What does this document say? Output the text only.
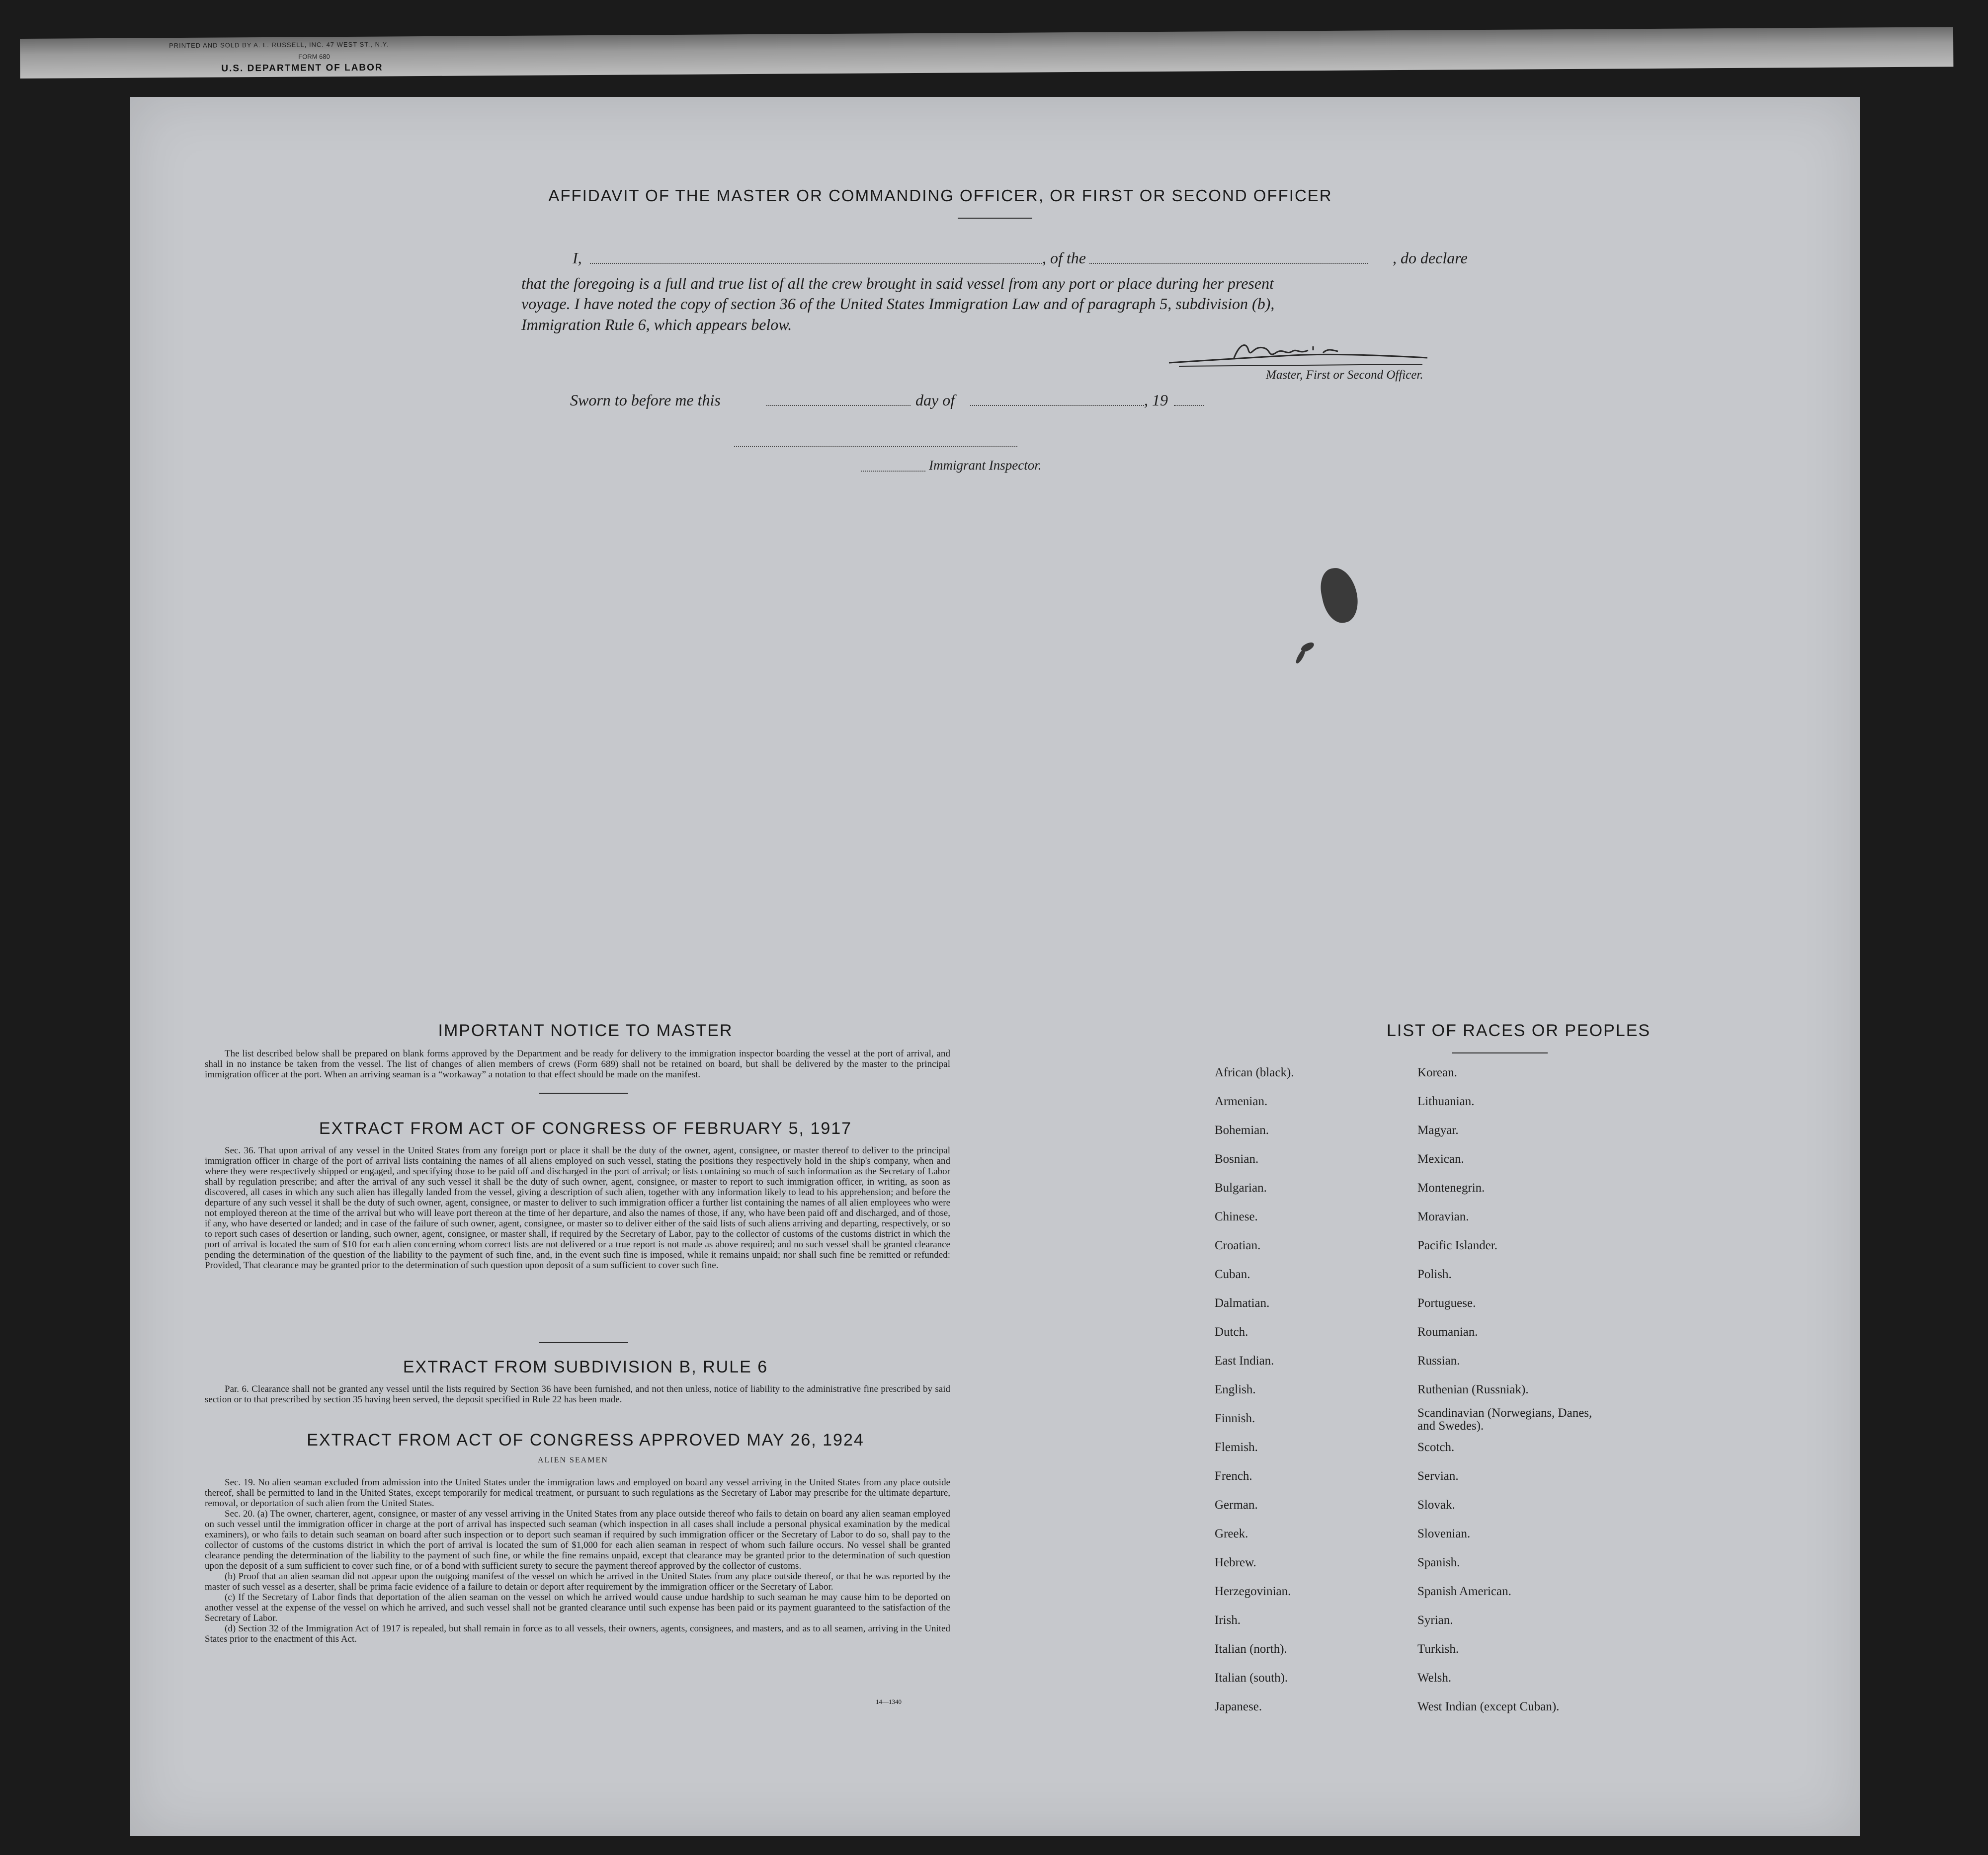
PRINTED AND SOLD BY A. L. RUSSELL, INC. 47 WEST ST., N.Y.
FORM 680
U.S. DEPARTMENT OF LABOR
AFFIDAVIT OF THE MASTER OR COMMANDING OFFICER, OR FIRST OR SECOND OFFICER
I,	, of the	, do declare
that the foregoing is a full and true list of all the crew brought in said vessel from any port or place during her present
voyage. I have noted the copy of section 36 of the United States Immigration Law and of paragraph 5, subdivision (b),
Immigration Rule 6, which appears below.
Master, First or Second Officer.
Sworn to before me this	day of	, 19
Immigrant Inspector.
IMPORTANT NOTICE TO MASTER

The list described below shall be prepared on blank forms approved by the Department and be ready for delivery to the immigration inspector boarding the vessel at the port of arrival, and shall in no instance be taken from the vessel. The list of changes of alien members of crews (Form 689) shall not be retained on board, but shall be delivered by the master to the principal immigration officer at the port. When an arriving seaman is a “workaway” a notation to that effect should be made on the manifest.

EXTRACT FROM ACT OF CONGRESS OF FEBRUARY 5, 1917

Sec. 36. That upon arrival of any vessel in the United States from any foreign port or place it shall be the duty of the owner, agent, consignee, or master thereof to deliver to the principal immigration officer in charge of the port of arrival lists containing the names of all aliens employed on such vessel, stating the positions they respectively hold in the ship's company, when and where they were respectively shipped or engaged, and specifying those to be paid off and discharged in the port of arrival; or lists containing so much of such information as the Secretary of Labor shall by regulation prescribe; and after the arrival of any such vessel it shall be the duty of such owner, agent, consignee, or master to report to such immigration officer, in writing, as soon as discovered, all cases in which any such alien has illegally landed from the vessel, giving a description of such alien, together with any information likely to lead to his apprehension; and before the departure of any such vessel it shall be the duty of such owner, agent, consignee, or master to deliver to such immigration officer a further list containing the names of all alien employees who were not employed thereon at the time of the arrival but who will leave port thereon at the time of her departure, and also the names of those, if any, who have been paid off and discharged, and of those, if any, who have deserted or landed; and in case of the failure of such owner, agent, consignee, or master so to deliver either of the said lists of such aliens arriving and departing, respectively, or so to report such cases of desertion or landing, such owner, agent, consignee, or master shall, if required by the Secretary of Labor, pay to the collector of customs of the customs district in which the port of arrival is located the sum of $10 for each alien concerning whom correct lists are not delivered or a true report is not made as above required; and no such vessel shall be granted clearance pending the determination of the question of the liability to the payment of such fine, and, in the event such fine is imposed, while it remains unpaid; nor shall such fine be remitted or refunded: Provided, That clearance may be granted prior to the determination of such question upon deposit of a sum sufficient to cover such fine.

EXTRACT FROM SUBDIVISION B, RULE 6

Par. 6. Clearance shall not be granted any vessel until the lists required by Section 36 have been furnished, and not then unless, notice of liability to the administrative fine prescribed by said section or to that prescribed by section 35 having been served, the deposit specified in Rule 22 has been made.

EXTRACT FROM ACT OF CONGRESS APPROVED MAY 26, 1924
ALIEN SEAMEN

Sec. 19. No alien seaman excluded from admission into the United States under the immigration laws and employed on board any vessel arriving in the United States from any place outside thereof, shall be permitted to land in the United States, except temporarily for medical treatment, or pursuant to such regulations as the Secretary of Labor may prescribe for the ultimate departure, removal, or deportation of such alien from the United States.

Sec. 20. (a) The owner, charterer, agent, consignee, or master of any vessel arriving in the United States from any place outside thereof who fails to detain on board any alien seaman employed on such vessel until the immigration officer in charge at the port of arrival has inspected such seaman (which inspection in all cases shall include a personal physical examination by the medical examiners), or who fails to detain such seaman on board after such inspection or to deport such seaman if required by such immigration officer or the Secretary of Labor to do so, shall pay to the collector of customs of the customs district in which the port of arrival is located the sum of $1,000 for each alien seaman in respect of whom such failure occurs. No vessel shall be granted clearance pending the determination of the liability to the payment of such fine, or while the fine remains unpaid, except that clearance may be granted prior to the determination of such question upon the deposit of a sum sufficient to cover such fine, or of a bond with sufficient surety to secure the payment thereof approved by the collector of customs.

(b) Proof that an alien seaman did not appear upon the outgoing manifest of the vessel on which he arrived in the United States from any place outside thereof, or that he was reported by the master of such vessel as a deserter, shall be prima facie evidence of a failure to detain or deport after requirement by the immigration officer or the Secretary of Labor.

(c) If the Secretary of Labor finds that deportation of the alien seaman on the vessel on which he arrived would cause undue hardship to such seaman he may cause him to be deported on another vessel at the expense of the vessel on which he arrived, and such vessel shall not be granted clearance until such expense has been paid or its payment guaranteed to the satisfaction of the Secretary of Labor.

(d) Section 32 of the Immigration Act of 1917 is repealed, but shall remain in force as to all vessels, their owners, agents, consignees, and masters, and as to all seamen, arriving in the United States prior to the enactment of this Act.

14—1340
LIST OF RACES OR PEOPLES
African (black).
Armenian.
Bohemian.
Bosnian.
Bulgarian.
Chinese.
Croatian.
Cuban.
Dalmatian.
Dutch.
East Indian.
English.
Finnish.
Flemish.
French.
German.
Greek.
Hebrew.
Herzegovinian.
Irish.
Italian (north).
Italian (south).
Japanese.
Korean.
Lithuanian.
Magyar.
Mexican.
Montenegrin.
Moravian.
Pacific Islander.
Polish.
Portuguese.
Roumanian.
Russian.
Ruthenian (Russniak).
Scandinavian (Norwegians, Danes, and Swedes).
Scotch.
Servian.
Slovak.
Slovenian.
Spanish.
Spanish American.
Syrian.
Turkish.
Welsh.
West Indian (except Cuban).
